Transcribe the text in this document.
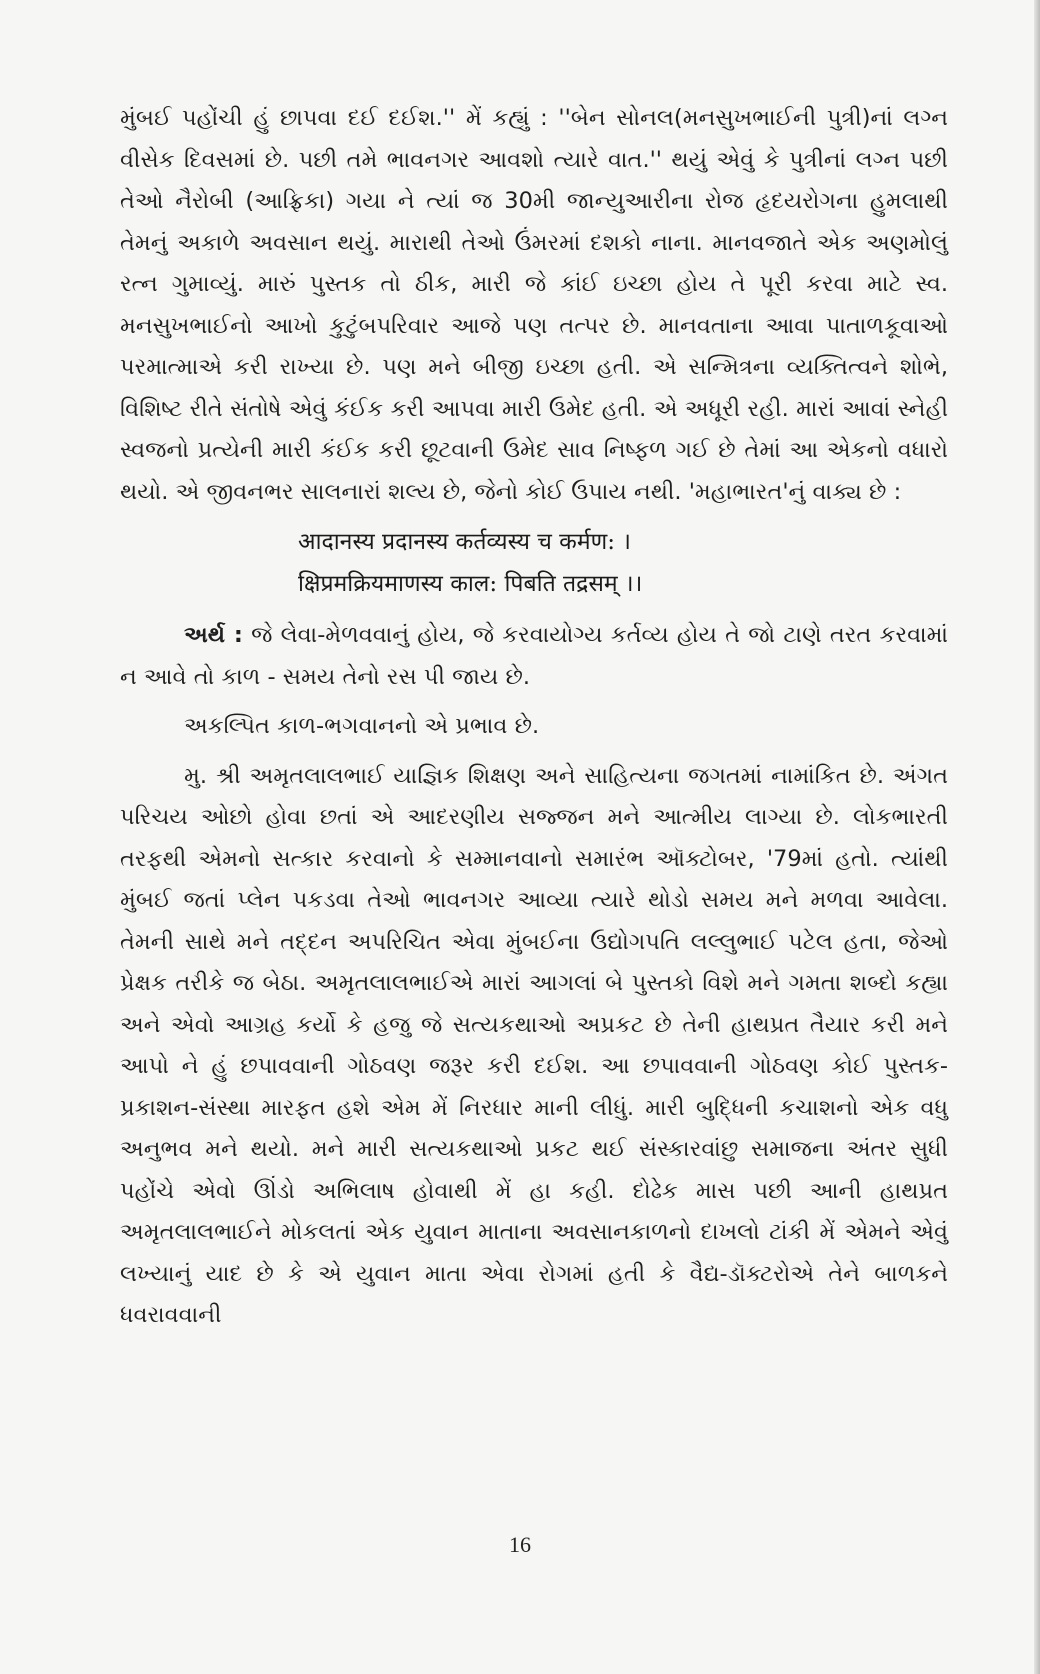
મુંબઈ પહોંચી હું છાપવા દઈ દઈશ.'' મેં કહ્યું : ''બેન સોનલ(મનસુખભાઈની પુત્રી)નાં લગ્ન વીસેક દિવસમાં છે. પછી તમે ભાવનગર આવશો ત્યારે વાત.'' થયું એવું કે પુત્રીનાં લગ્ન પછી તેઓ નૈરોબી (આફ્રિકા) ગયા ને ત્યાં જ 30મી જાન્યુઆરીના રોજ હૃદયરોગના હુમલાથી તેમનું અકાળે અવસાન થયું. મારાથી તેઓ ઉંમરમાં દશકો નાના. માનવજાતે એક અણમોલું રત્ન ગુમાવ્યું. મારું પુસ્તક તો ઠીક, મારી જે કાંઈ ઇચ્છા હોય તે પૂરી કરવા માટે સ્વ. મનસુખભાઈનો આખો કુટુંબપરિવાર આજે પણ તત્પર છે. માનવતાના આવા પાતાળકૂવાઓ પરમાત્માએ કરી રાખ્યા છે. પણ મને બીજી ઇચ્છા હતી. એ સન્મિત્રના વ્યક્તિત્વને શોભે, વિશિષ્ટ રીતે સંતોષે એવું કંઈક કરી આપવા મારી ઉમેદ હતી. એ અધૂરી રહી. મારાં આવાં સ્નેહી સ્વજનો પ્રત્યેની મારી કંઈક કરી છૂટવાની ઉમેદ સાવ નિષ્ફળ ગઈ છે તેમાં આ એકનો વધારો થયો. એ જીવનભર સાલનારાં શલ્ય છે, જેનો કોઈ ઉપાય નથી. 'મહાભારત'નું વાક્ય છે :

आदानस्य प्रदानस्य कर्तव्यस्य च कर्मण: ।
क्षिप्रमक्रियमाणस्य काल: पिबति तद्रसम् ।।

અર્થ : જે લેવા-મેળવવાનું હોય, જે કરવાયોગ્ય કર્તવ્ય હોય તે જો ટાણે તરત કરવામાં ન આવે તો કાળ - સમય તેનો રસ પી જાય છે.

અકલ્પિત કાળ-ભગવાનનો એ પ્રભાવ છે.

મુ. શ્રી અમૃતલાલભાઈ યાજ્ઞિક શિક્ષણ અને સાહિત્યના જગતમાં નામાંકિત છે. અંગત પરિચય ઓછો હોવા છતાં એ આદરણીય સજ્જન મને આત્મીય લાગ્યા છે. લોકભારતી તરફથી એમનો સત્કાર કરવાનો કે સમ્માનવાનો સમારંભ ઑક્ટોબર, '79માં હતો. ત્યાંથી મુંબઈ જતાં પ્લેન પકડવા તેઓ ભાવનગર આવ્યા ત્યારે થોડો સમય મને મળવા આવેલા. તેમની સાથે મને તદ્દન અપરિચિત એવા મુંબઈના ઉદ્યોગપતિ લલ્લુભાઈ પટેલ હતા, જેઓ પ્રેક્ષક તરીકે જ બેઠા. અમૃતલાલભાઈએ મારાં આગલાં બે પુસ્તકો વિશે મને ગમતા શબ્દો કહ્યા અને એવો આગ્રહ કર્યો કે હજુ જે સત્યકથાઓ અપ્રકટ છે તેની હાથપ્રત તૈયાર કરી મને આપો ને હું છપાવવાની ગોઠવણ જરૂર કરી દઈશ. આ છપાવવાની ગોઠવણ કોઈ પુસ્તક-પ્રકાશન-સંસ્થા મારફત હશે એમ મેં નિરધાર માની લીધું. મારી બુદ્ધિની કચાશનો એક વધુ અનુભવ મને થયો. મને મારી સત્યકથાઓ પ્રકટ થઈ સંસ્કારવાંછુ સમાજના અંતર સુધી પહોંચે એવો ઊંડો અભિલાષ હોવાથી મેં હા કહી. દોઢેક માસ પછી આની હાથપ્રત અમૃતલાલભાઈને મોકલતાં એક યુવાન માતાના અવસાનકાળનો દાખલો ટાંકી મેં એમને એવું લખ્યાનું યાદ છે કે એ યુવાન માતા એવા રોગમાં હતી કે વૈદ્ય-ડૉક્ટરોએ તેને બાળકને ધવરાવવાની

16
